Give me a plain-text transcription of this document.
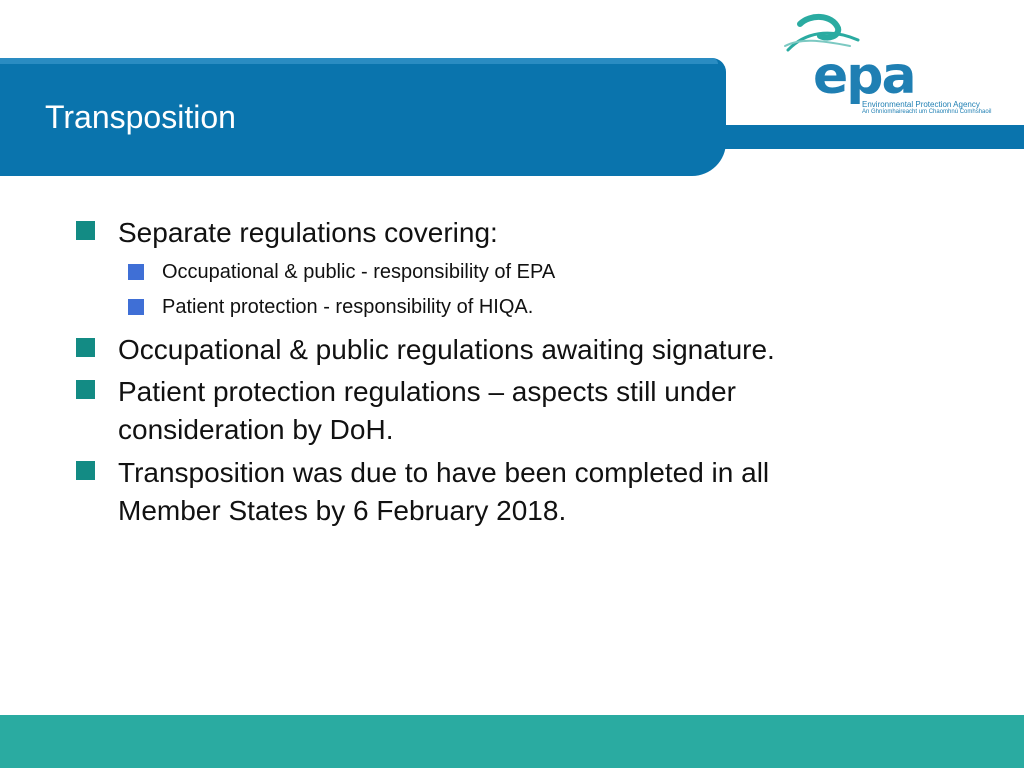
Transposition
epa
Environmental Protection Agency
An Ghníomhaireacht um Chaomhnú Comhshaoil
Separate regulations covering:
Occupational & public - responsibility of EPA
Patient protection - responsibility of HIQA.
Occupational & public regulations awaiting signature.
Patient protection regulations – aspects still under consideration by DoH.
Transposition was due to have been completed in all Member States by 6 February 2018.
